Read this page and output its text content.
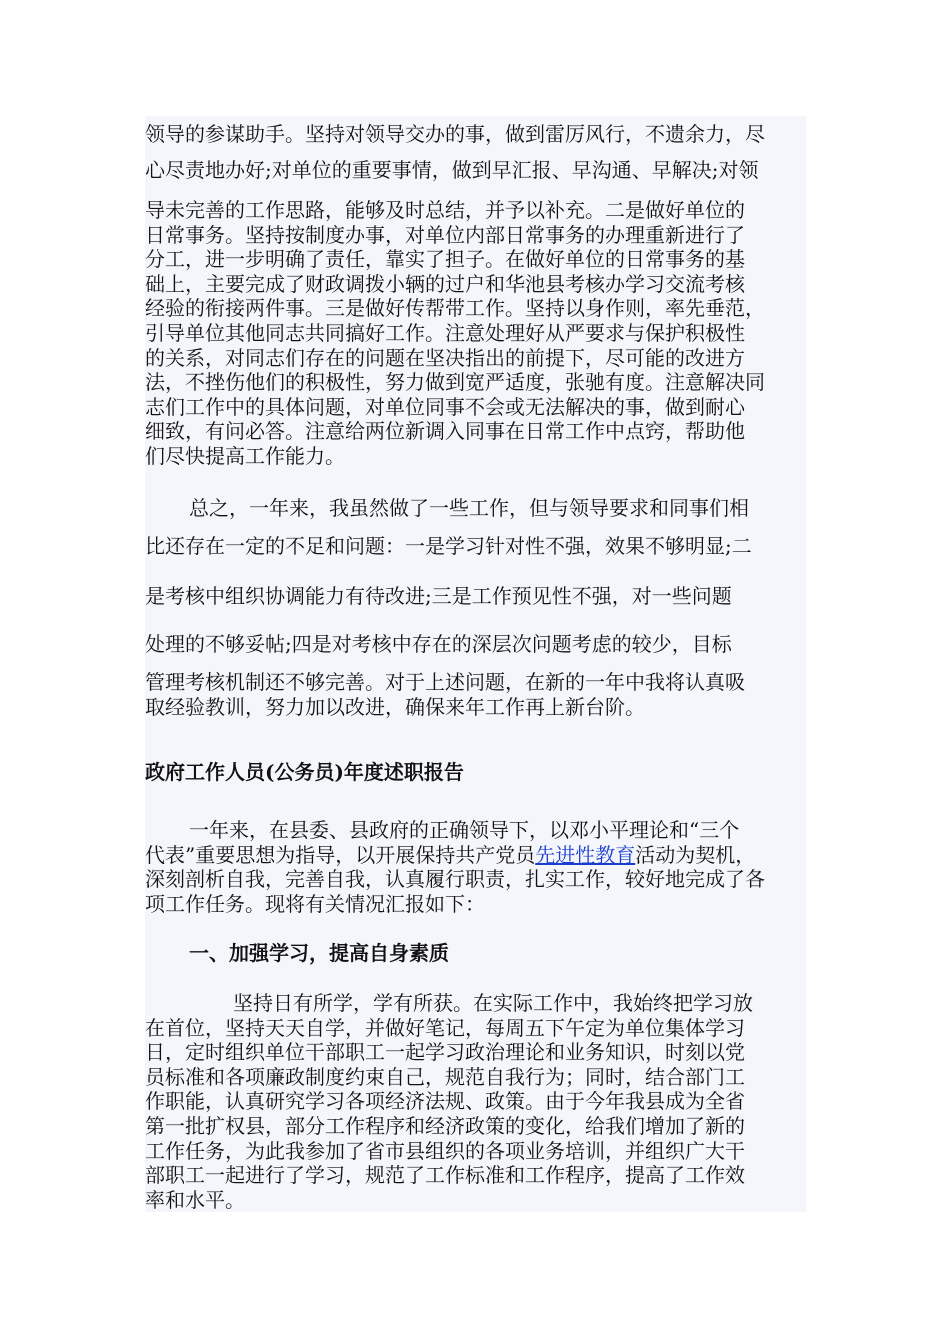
领导的参谋助手。坚持对领导交办的事，做到雷厉风行，不遗余力，尽
心尽责地办好;对单位的重要事情，做到早汇报、早沟通、早解决;对领
导未完善的工作思路，能够及时总结，并予以补充。二是做好单位的
日常事务。坚持按制度办事，对单位内部日常事务的办理重新进行了
分工，进一步明确了责任，靠实了担子。在做好单位的日常事务的基
础上，主要完成了财政调拨小辆的过户和华池县考核办学习交流考核
经验的衔接两件事。三是做好传帮带工作。坚持以身作则，率先垂范，
引导单位其他同志共同搞好工作。注意处理好从严要求与保护积极性
的关系，对同志们存在的问题在坚决指出的前提下，尽可能的改进方
法，不挫伤他们的积极性，努力做到宽严适度，张驰有度。注意解决同
志们工作中的具体问题，对单位同事不会或无法解决的事，做到耐心
细致，有问必答。注意给两位新调入同事在日常工作中点窍，帮助他
们尽快提高工作能力。
总之，一年来，我虽然做了一些工作，但与领导要求和同事们相
比还存在一定的不足和问题：一是学习针对性不强，效果不够明显;二
是考核中组织协调能力有待改进;三是工作预见性不强，对一些问题
处理的不够妥帖;四是对考核中存在的深层次问题考虑的较少，目标
管理考核机制还不够完善。对于上述问题，在新的一年中我将认真吸
取经验教训，努力加以改进，确保来年工作再上新台阶。
政府工作人员(公务员)年度述职报告
一年来，在县委、县政府的正确领导下，以邓小平理论和“三个
代表”重要思想为指导，以开展保持共产党员先进性教育活动为契机，
深刻剖析自我，完善自我，认真履行职责，扎实工作，较好地完成了各
项工作任务。现将有关情况汇报如下：
一、加强学习，提高自身素质
坚持日有所学，学有所获。在实际工作中，我始终把学习放
在首位，坚持天天自学，并做好笔记，每周五下午定为单位集体学习
日，定时组织单位干部职工一起学习政治理论和业务知识，时刻以党
员标准和各项廉政制度约束自己，规范自我行为；同时，结合部门工
作职能，认真研究学习各项经济法规、政策。由于今年我县成为全省
第一批扩权县，部分工作程序和经济政策的变化，给我们增加了新的
工作任务，为此我参加了省市县组织的各项业务培训，并组织广大干
部职工一起进行了学习，规范了工作标准和工作程序，提高了工作效
率和水平。
